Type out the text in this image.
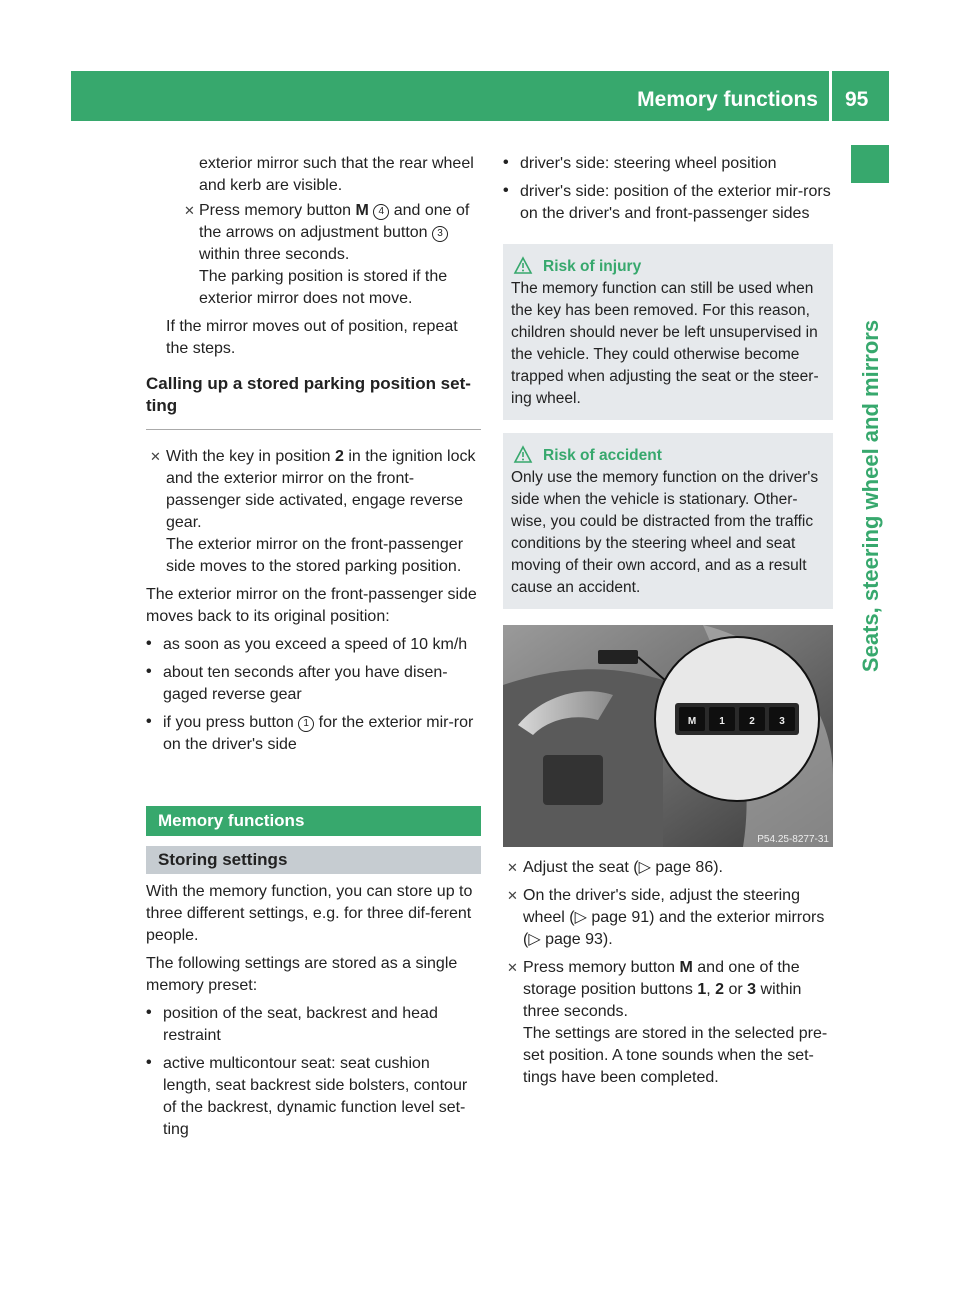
Memory functions 95
Seats, steering wheel and mirrors

exterior mirror such that the rear wheel and kerb are visible.

✕ Press memory button M 4 and one of the arrows on adjustment button 3 within three seconds.
The parking position is stored if the exterior mirror does not move.

If the mirror moves out of position, repeat the steps.

Calling up a stored parking position set-ting

✕ With the key in position 2 in the ignition lock and the exterior mirror on the front-passenger side activated, engage reverse gear.
The exterior mirror on the front-passenger side moves to the stored parking position.

The exterior mirror on the front-passenger side moves back to its original position:

• as soon as you exceed a speed of 10 km/h

• about ten seconds after you have disen-gaged reverse gear

• if you press button 1 for the exterior mir-ror on the driver's side

Memory functions
Storing settings

With the memory function, you can store up to three different settings, e.g. for three dif-ferent people.

The following settings are stored as a single memory preset:

• position of the seat, backrest and head restraint

• active multicontour seat: seat cushion length, seat backrest side bolsters, contour of the backrest, dynamic function level set-ting

• driver's side: steering wheel position

• driver's side: position of the exterior mir-rors on the driver's and front-passenger sides

Risk of injury

The memory function can still be used when the key has been removed. For this reason, children should never be left unsupervised in the vehicle. They could otherwise become trapped when adjusting the seat or the steer-ing wheel.

Risk of accident

Only use the memory function on the driver's side when the vehicle is stationary. Other-wise, you could be distracted from the traffic conditions by the steering wheel and seat moving of their own accord, and as a result cause an accident.

M 1 2 3
P54.25-8277-31

✕ Adjust the seat (▷ page 86).

✕ On the driver's side, adjust the steering wheel (▷ page 91) and the exterior mirrors (▷ page 93).

✕ Press memory button M and one of the storage position buttons 1, 2 or 3 within three seconds.
The settings are stored in the selected pre-set position. A tone sounds when the set-tings have been completed.
